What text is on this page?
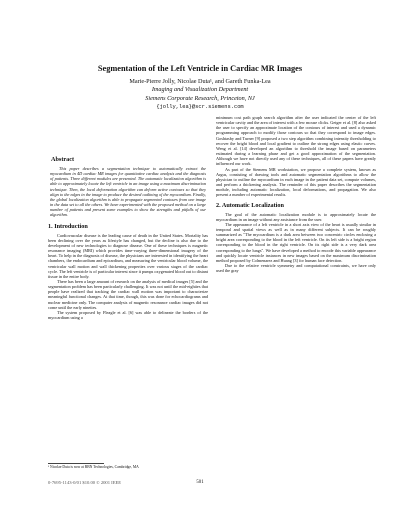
Segmentation of the Left Ventricle in Cardiac MR Images
Marie-Pierre Jolly, Nicolae Duta¹, and Gareth Funka-Lea
Imaging and Visualization Department
Siemens Corporate Research, Princeton, NJ
{jolly,lea}@scr.siemens.com
Abstract

This paper describes a segmentation technique to automatically extract the myocardium in 4D cardiac MR images for quantitative cardiac analysis and the diagnosis of patients. Three different modules are presented. The automatic localization algorithm is able to approximately locate the left ventricle in an image using a maximum discrimination technique. Then, the local deformation algorithm can deform active contours so that they align to the edges in the image to produce the desired outlining of the myocardium. Finally, the global localization algorithm is able to propagate segmented contours from one image in the data set to all the others. We have experimented with the proposed method on a large number of patients and present some examples to show the strengths and pitfalls of our algorithm.

1. Introduction

Cardiovascular disease is the leading cause of death in the United States. Mortality has been declining over the years as lifestyle has changed, but the decline is also due to the development of new technologies to diagnose disease. One of these techniques is magnetic resonance imaging (MRI) which provides time-varying three-dimensional imagery of the heart. To help in the diagnosis of disease, the physicians are interested in identifying the heart chambers, the endocardium and epicardium, and measuring the ventricular blood volume, the ventricular wall motion and wall thickening properties over various stages of the cardiac cycle. The left ventricle is of particular interest since it pumps oxygenated blood out to distant tissue in the entire body.

There has been a large amount of research on the analysis of medical images [5] and the segmentation problem has been particularly challenging. It was not until the mid-eighties that people have realized that tracking the cardiac wall motion was important to characterize meaningful functional changes. At that time, though, this was done for echocardiograms and nuclear medicine only. The computer analysis of magnetic resonance cardiac images did not come until the early nineties.

The system proposed by Fleagle et al. [6] was able to delineate the borders of the myocardium using a

minimum cost path graph search algorithm after the user indicated the center of the left ventricular cavity and the area of interest with a few mouse clicks. Geiger et al. [8] also asked the user to specify an approximate location of the contours of interest and used a dynamic programming approach to modify those contours so that they correspond to image edges. Goshtasby and Turner [9] proposed a two step algorithm combining intensity thresholding to recover the bright blood and local gradient to outline the strong edges using elastic curves. Weng et al. [14] developed an algorithm to threshold the image based on parameters estimated during a learning phase and get a good approximation of the segmentation. Although we have not directly used any of these techniques, all of these papers have greatly influenced our work.

As part of the Siemens MR workstation, we propose a complete system, known as Argus, consisting of drawing tools and automatic segmentation algorithms to allow the physician to outline the myocardium in each image in the patient data set, compute volumes, and perform a thickening analysis. The reminder of this paper describes the segmentation module, including automatic localization, local deformations, and propagation. We also present a number of experimental results.

2. Automatic Localization

The goal of the automatic localization module is to approximately locate the myocardium in an image without any assistance from the user.

The appearance of a left ventricle in a short axis view of the heart is usually similar in temporal and spatial views as well as in many different subjects. It can be roughly summarized as "The myocardium is a dark area between two concentric circles enclosing a bright area corresponding to the blood in the left ventricle. On its left side is a bright region corresponding to the blood in the right ventricle. On its right side is a very dark area corresponding to the lungs". We have developed a method to encode this variable appearance and quickly locate ventricle instances in new images based on the maximum discrimination method proposed by Colmenarez and Huang [3] for human face detection.

Due to the relative ventricle symmetry and computational constraints, we have only used the gray

¹ Nicolae Duta is now at BBN Technologies, Cambridge, MA
0-7695-1143-0/01 $10.00 © 2001 IEEE	501
